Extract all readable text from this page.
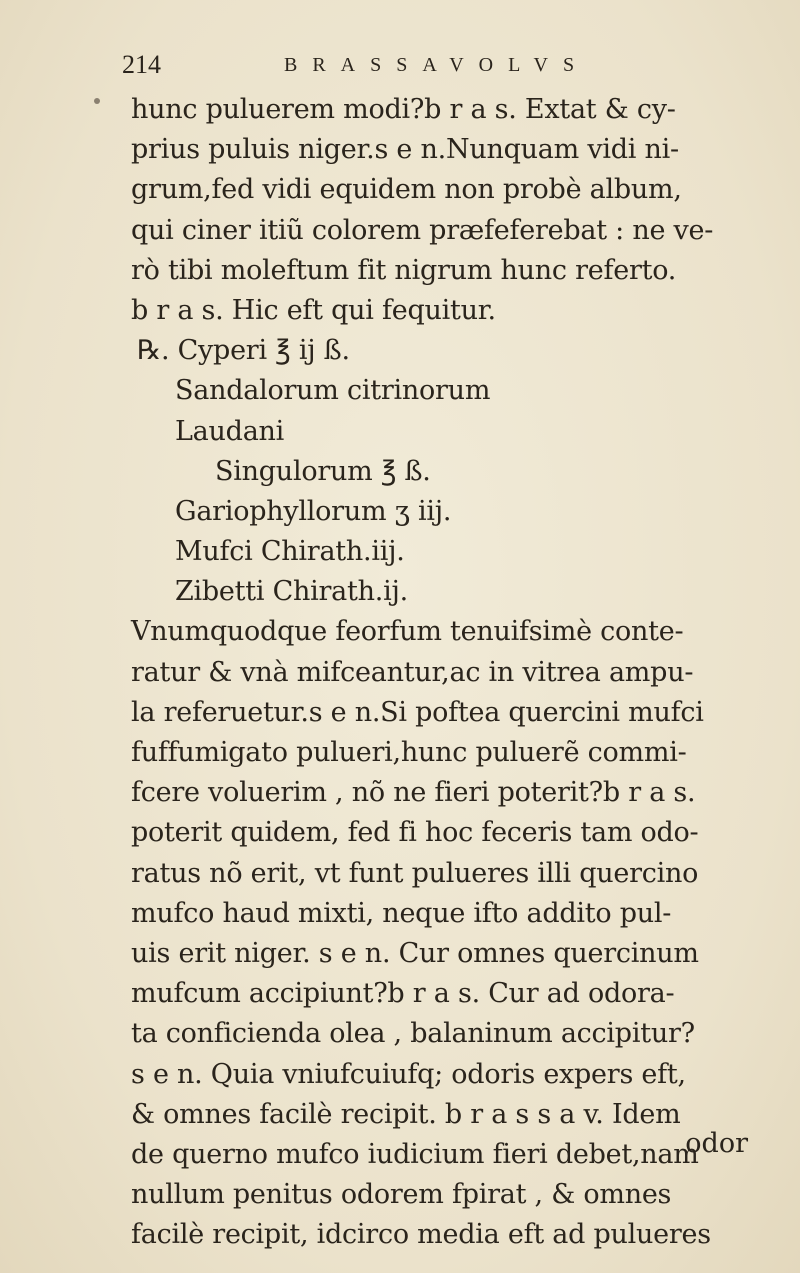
214	BRASSAVOLVS
hunc puluerem modi?b r a s. Extat & cy-
prius puluis niger.s e n.Nunquam vidi ni-
grum,fed vidi equidem non probè album,
qui ciner itiũ colorem præfeferebat : ne ve-
rò tibi moleftum fit nigrum hunc referto.
b r a s. Hic eft qui fequitur.
℞. Cyperi ℥ ij ß.
Sandalorum citrinorum
Laudani
Singulorum ℥ ß.
Gariophyllorum ʒ iij.
Mufci Chirath.iij.
Zibetti Chirath.ij.
Vnumquodque feorfum tenuifsimè conte-
ratur & vnà mifceantur,ac in vitrea ampu-
la referuetur.s e n.Si poftea quercini mufci
fuffumigato pulueri,hunc puluerẽ commi-
fcere voluerim , nõ ne fieri poterit?b r a s.
poterit quidem, fed fi hoc feceris tam odo-
ratus nõ erit, vt funt pulueres illi quercino
mufco haud mixti, neque ifto addito pul-
uis erit niger. s e n. Cur omnes quercinum
mufcum accipiunt?b r a s. Cur ad odora-
ta conficienda olea , balaninum accipitur?
s e n. Quia vniufcuiufq; odoris expers eft,
& omnes facilè recipit. b r a s s a v. Idem
de querno mufco iudicium fieri debet,nam
nullum penitus odorem fpirat , & omnes
facilè recipit, idcirco media eft ad pulueres
odor
